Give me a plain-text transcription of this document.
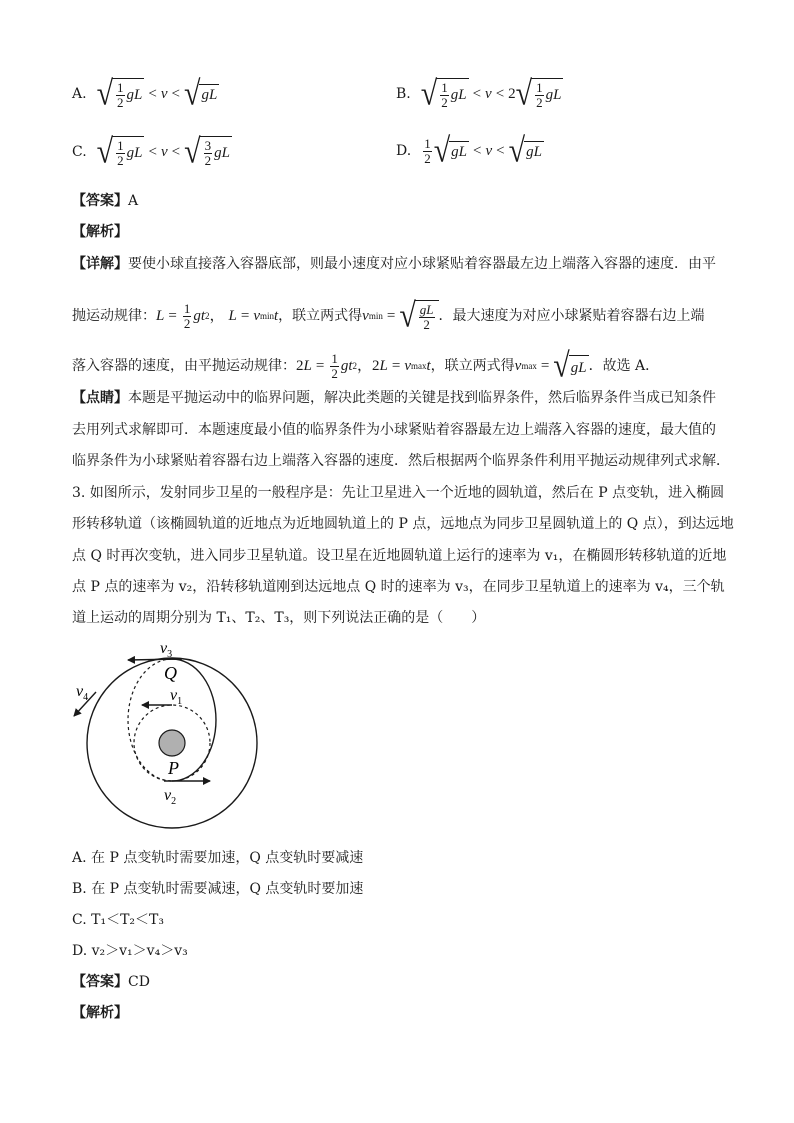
A. √ $\frac{1}{2}$ gL < v < √ gL	B. √ $\frac{1}{2}$ gL < v < 2 √ $\frac{1}{2}$ gL
C. √ $\frac{1}{2}$ gL < v < √ $\frac{3}{2}$ gL	D. $\frac{1}{2}$ √ gL < v < √ gL
【答案】A
【解析】
【详解】要使小球直接落入容器底部，则最小速度对应小球紧贴着容器最左边上端落入容器的速度．由平
抛运动规律： $L = \frac{1}{2}$ gt 2 ， L = v min t ，联立两式得 v min = √ $\frac{gL}{2}$ ．最大速度为对应小球紧贴着容器右边上端
落入容器的速度，由平抛运动规律： 2 $L = \frac{1}{2}$ gt 2 ，2 L = v max t ，联立两式得 v max = √ gL ．故选 A．
【点睛】本题是平抛运动中的临界问题，解决此类题的关键是找到临界条件，然后临界条件当成已知条件
去用列式求解即可．本题速度最小值的临界条件为小球紧贴着容器最左边上端落入容器的速度，最大值的
临界条件为小球紧贴着容器右边上端落入容器的速度．然后根据两个临界条件利用平抛运动规律列式求解．
3. 如图所示，发射同步卫星的一般程序是：先让卫星进入一个近地的圆轨道，然后在 P 点变轨，进入椭圆
形转移轨道（该椭圆轨道的近地点为近地圆轨道上的 P 点，远地点为同步卫星圆轨道上的 Q 点），到达远地
点 Q 时再次变轨，进入同步卫星轨道。设卫星在近地圆轨道上运行的速率为 v₁，在椭圆形转移轨道的近地
点 P 点的速率为 v₂，沿转移轨道刚到达远地点 Q 时的速率为 v₃，在同步卫星轨道上的速率为 v₄，三个轨
道上运动的周期分别为 T₁、T₂、T₃，则下列说法正确的是（　　）
$v_3$
Q
$v_1$
$v_4$
P
$v_2$
A. 在 P 点变轨时需要加速，Q 点变轨时要减速
B. 在 P 点变轨时需要减速，Q 点变轨时要加速
C. T₁＜T₂＜T₃
D. v₂＞v₁＞v₄＞v₃
【答案】CD
【解析】
